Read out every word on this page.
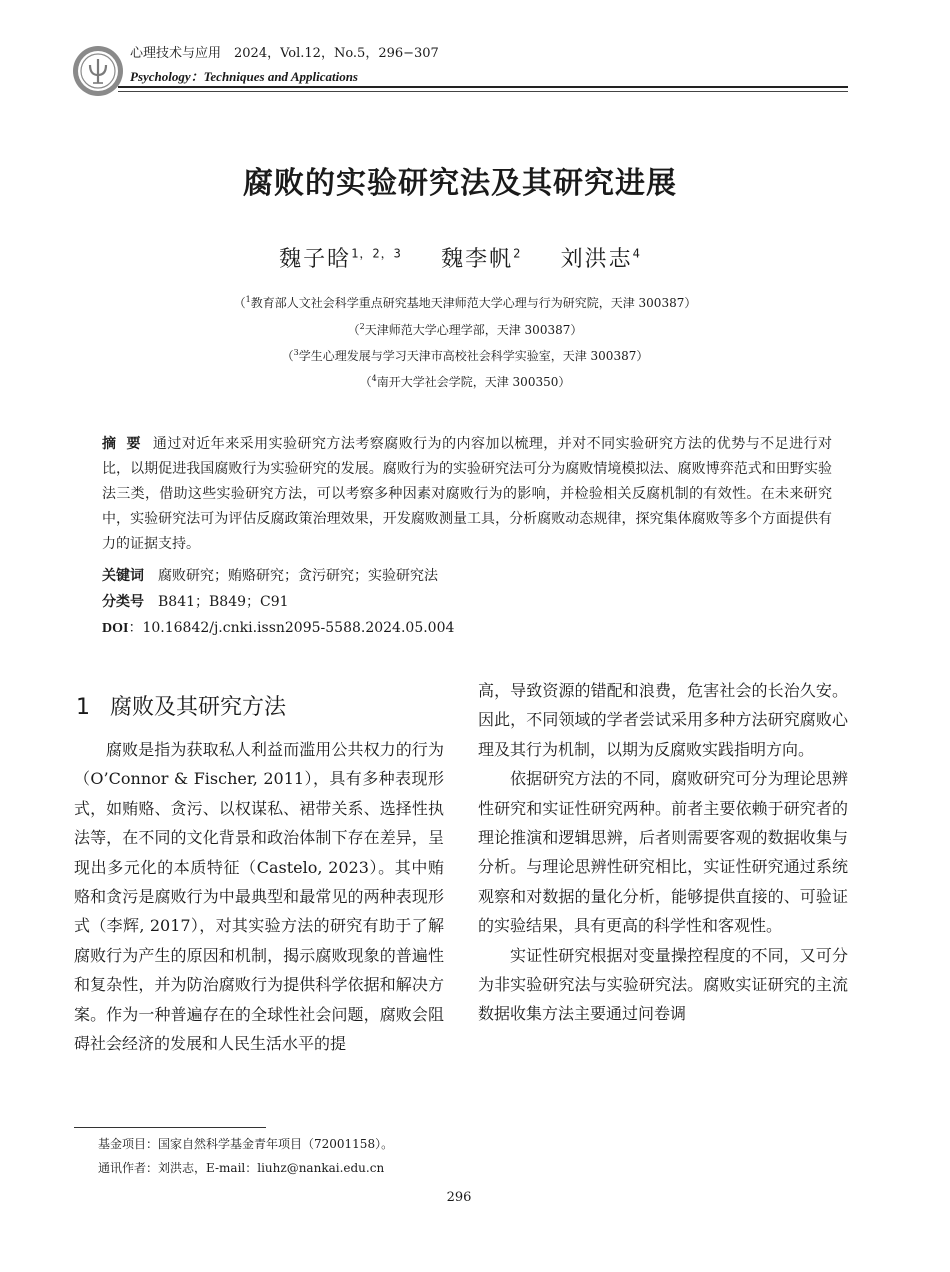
心理技术与应用　2024，Vol.12，No.5，296−307
Psychology：Techniques and Applications
腐败的实验研究法及其研究进展
魏子晗$^{1,2,3}$ 魏李帆$^2$ 刘洪志$^4$
（$^1$教育部人文社会科学重点研究基地天津师范大学心理与行为研究院，天津 300387）
（$^2$天津师范大学心理学部，天津 300387）
（$^3$学生心理发展与学习天津市高校社会科学实验室，天津 300387）
（$^4$南开大学社会学院，天津 300350）
摘要 通过对近年来采用实验研究方法考察腐败行为的内容加以梳理，并对不同实验研究方法的优势与不足进行对比，以期促进我国腐败行为实验研究的发展。腐败行为的实验研究法可分为腐败情境模拟法、腐败博弈范式和田野实验法三类，借助这些实验研究方法，可以考察多种因素对腐败行为的影响，并检验相关反腐机制的有效性。在未来研究中，实验研究法可为评估反腐政策治理效果，开发腐败测量工具，分析腐败动态规律，探究集体腐败等多个方面提供有力的证据支持。
关键词 腐败研究；贿赂研究；贪污研究；实验研究法
分类号 B841；B849；C91
DOI：10.16842/j.cnki.issn2095-5588.2024.05.004
1 腐败及其研究方法

腐败是指为获取私人利益而滥用公共权力的行为（O’Connor & Fischer, 2011），具有多种表现形式，如贿赂、贪污、以权谋私、裙带关系、选择性执法等，在不同的文化背景和政治体制下存在差异，呈现出多元化的本质特征（Castelo, 2023）。其中贿赂和贪污是腐败行为中最典型和最常见的两种表现形式（李辉, 2017），对其实验方法的研究有助于了解腐败行为产生的原因和机制，揭示腐败现象的普遍性和复杂性，并为防治腐败行为提供科学依据和解决方案。作为一种普遍存在的全球性社会问题，腐败会阻碍社会经济的发展和人民生活水平的提

高，导致资源的错配和浪费，危害社会的长治久安。因此，不同领域的学者尝试采用多种方法研究腐败心理及其行为机制，以期为反腐败实践指明方向。

依据研究方法的不同，腐败研究可分为理论思辨性研究和实证性研究两种。前者主要依赖于研究者的理论推演和逻辑思辨，后者则需要客观的数据收集与分析。与理论思辨性研究相比，实证性研究通过系统观察和对数据的量化分析，能够提供直接的、可验证的实验结果，具有更高的科学性和客观性。

实证性研究根据对变量操控程度的不同，又可分为非实验研究法与实验研究法。腐败实证研究的主流数据收集方法主要通过问卷调

基金项目：国家自然科学基金青年项目（72001158）。
通讯作者：刘洪志，E-mail：liuhz@nankai.edu.cn
296
